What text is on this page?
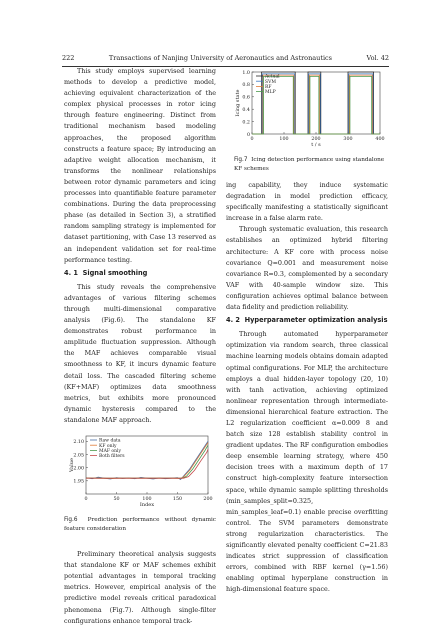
222	Transactions of Nanjing University of Aeronautics and Astronautics	Vol. 42

This study employs supervised learning methods to develop a predictive model, achieving equivalent characterization of the complex physical processes in rotor icing through feature engineering. Distinct from traditional mechanism based modeling approaches, the proposed algorithm constructs a feature space; By introducing an adaptive weight allocation mechanism, it transforms the nonlinear relationships between rotor dynamic parameters and icing processes into quantifiable feature parameter combinations. During the data preprocessing phase (as detailed in Section 3), a stratified random sampling strategy is implemented for dataset partitioning, with Case 13 reserved as an independent validation set for real-time performance testing.

4. 1 Signal smoothing

This study reveals the comprehensive advantages of various filtering schemes through multi-dimensional comparative analysis (Fig.6). The standalone KF demonstrates robust performance in amplitude fluctuation suppression. Although the MAF achieves comparable visual smoothness to KF, it incurs dynamic feature detail loss. The cascaded filtering scheme (KF+MAF) optimizes data smoothness metrics, but exhibits more pronounced dynamic hysteresis compared to the standalone MAF approach.

2.10
2.05
2.00
1.95
0	50	100	150	200
Value
Index
Raw data
KF only
MAF only
Both filters
Fig.6 Prediction performance without dynamic feature consideration

Preliminary theoretical analysis suggests that standalone KF or MAF schemes exhibit potential advantages in temporal tracking metrics. However, empirical analysis of the predictive model reveals critical paradoxical phenomena (Fig.7). Although single-filter configurations enhance temporal track-

1.0
0.8
0.6
0.4
0.2
0
0	100	200	300	400
Icing state
t / s
Actual
SVM
RF
MLP
Fig.7 Icing detection performance using standalone KF schemes

ing capability, they induce systematic degradation in model prediction efficacy, specifically manifesting a statistically significant increase in a false alarm rate.

Through systematic evaluation, this research establishes an optimized hybrid filtering architecture: A KF core with process noise covariance Q=0.001 and measurement noise covariance R=0.3, complemented by a secondary VAF with 40-sample window size. This configuration achieves optimal balance between data fidelity and prediction reliability.

4. 2 Hyperparameter optimization analysis

Through automated hyperparameter optimization via random search, three classical machine learning models obtains domain adapted optimal configurations. For MLP, the architecture employs a dual hidden-layer topology (20, 10) with tanh activation, achieving optimized nonlinear representation through intermediate-dimensional hierarchical feature extraction. The L2 regularization coefficient α=0.009 8 and batch size 128 establish stability control in gradient updates. The RF configuration embodies deep ensemble learning strategy, where 450 decision trees with a maximum depth of 17 construct high-complexity feature intersection space, while dynamic sample splitting thresholds (min_samples_split=0.325, min_samples_leaf=0.1) enable precise overfitting control. The SVM parameters demonstrate strong regularization characteristics. The significantly elevated penalty coefficient C=21.83 indicates strict suppression of classification errors, combined with RBF kernel (γ=1.56) enabling optimal hyperplane construction in high-dimensional feature space.
